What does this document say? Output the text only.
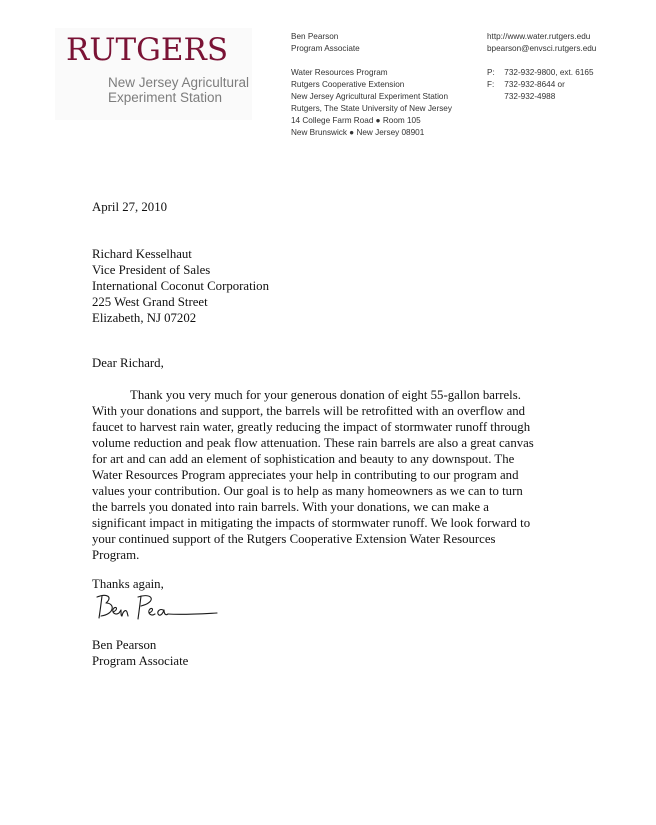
RUTGERS
New Jersey Agricultural
Experiment Station
Ben Pearson
Program Associate
Water Resources Program
Rutgers Cooperative Extension
New Jersey Agricultural Experiment Station
Rutgers, The State University of New Jersey
14 College Farm Road ● Room 105
New Brunswick ● New Jersey 08901
http://www.water.rutgers.edu
bpearson@envsci.rutgers.edu
P: 732-932-9800, ext. 6165
F: 732-932-8644 or
732-932-4988
April 27, 2010
Richard Kesselhaut
Vice President of Sales
International Coconut Corporation
225 West Grand Street
Elizabeth, NJ 07202
Dear Richard,
Thank you very much for your generous donation of eight 55-gallon barrels.
With your donations and support, the barrels will be retrofitted with an overflow and
faucet to harvest rain water, greatly reducing the impact of stormwater runoff through
volume reduction and peak flow attenuation. These rain barrels are also a great canvas
for art and can add an element of sophistication and beauty to any downspout. The
Water Resources Program appreciates your help in contributing to our program and
values your contribution. Our goal is to help as many homeowners as we can to turn
the barrels you donated into rain barrels. With your donations, we can make a
significant impact in mitigating the impacts of stormwater runoff. We look forward to
your continued support of the Rutgers Cooperative Extension Water Resources
Program.
Thanks again,
Ben Pearson
Program Associate
